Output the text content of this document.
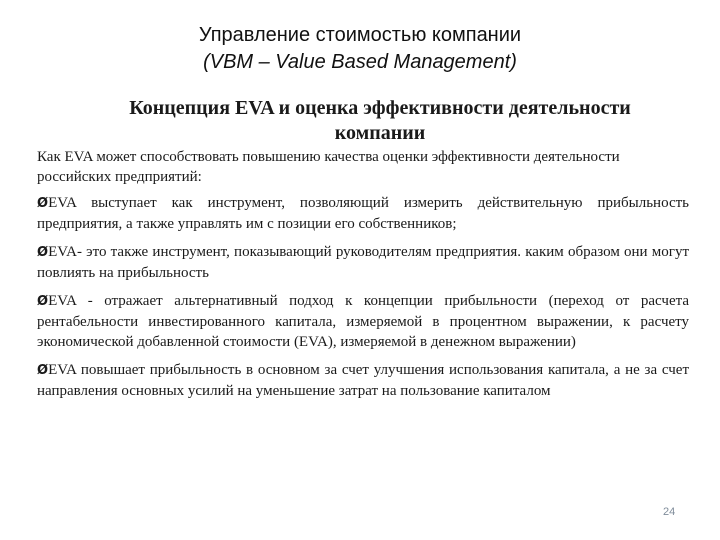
Управление стоимостью компании
(VBM – Value Based Management)
Концепция EVA и оценка эффективности деятельности
компании

Как EVA может способствовать повышению качества оценки эффективности деятельности российских предприятий:

ØEVA выступает как инструмент, позволяющий измерить действительную прибыльность предприятия, а также управлять им с позиции его собственников;

ØEVA- это также инструмент, показывающий руководителям предприятия. каким образом они могут повлиять на прибыльность

ØEVA - отражает альтернативный подход к концепции прибыльности (переход от расчета рентабельности инвестированного капитала, измеряемой в процентном выражении, к расчету экономической добавленной стоимости (EVA), измеряемой в денежном выражении)

ØEVA повышает прибыльность в основном за счет улучшения использования капитала, а не за счет направления основных усилий на уменьшение затрат на пользование капиталом

24
